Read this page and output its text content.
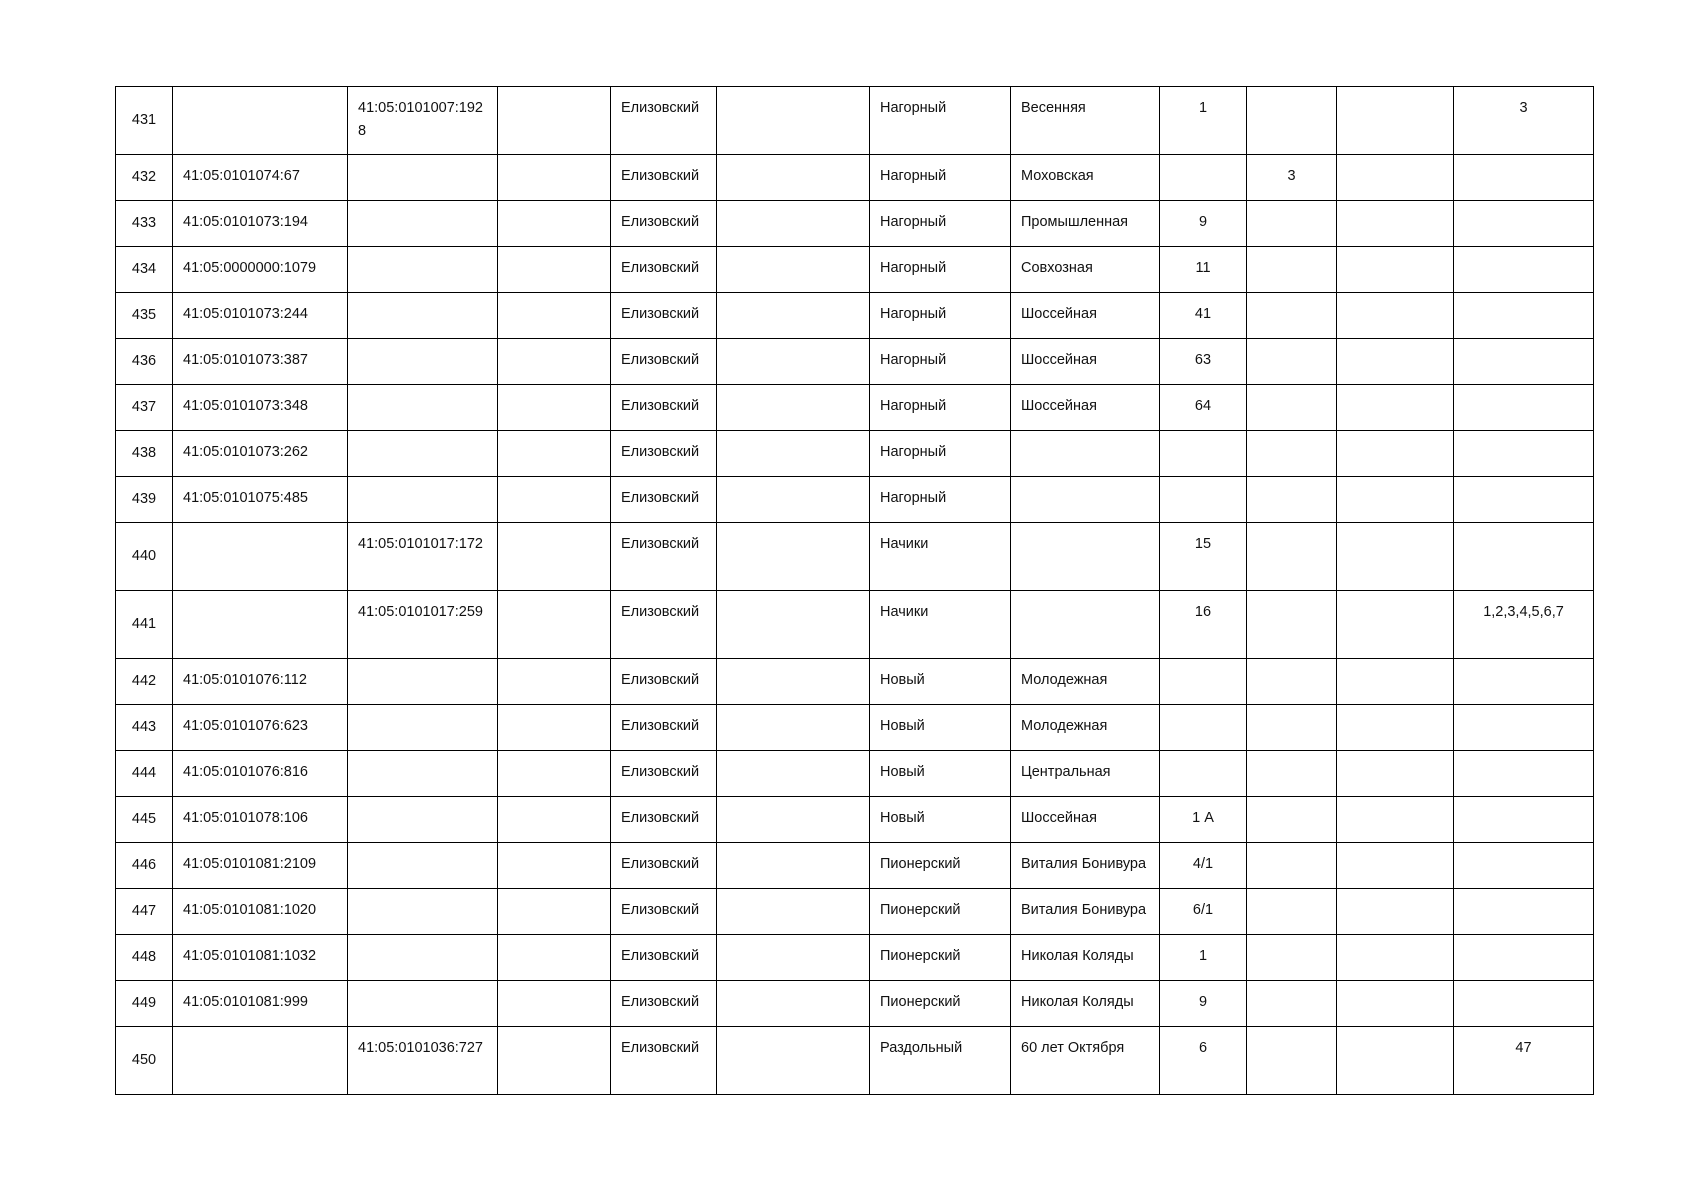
431		41:05:0101007:1928		Елизовский		Нагорный	Весенняя	1			3
432	41:05:0101074:67			Елизовский		Нагорный	Моховская		3		
433	41:05:0101073:194			Елизовский		Нагорный	Промышленная	9			
434	41:05:0000000:1079			Елизовский		Нагорный	Совхозная	11			
435	41:05:0101073:244			Елизовский		Нагорный	Шоссейная	41			
436	41:05:0101073:387			Елизовский		Нагорный	Шоссейная	63			
437	41:05:0101073:348			Елизовский		Нагорный	Шоссейная	64			
438	41:05:0101073:262			Елизовский		Нагорный					
439	41:05:0101075:485			Елизовский		Нагорный					
440		41:05:0101017:172		Елизовский		Начики		15			
441		41:05:0101017:259		Елизовский		Начики		16			1,2,3,4,5,6,7
442	41:05:0101076:112			Елизовский		Новый	Молодежная				
443	41:05:0101076:623			Елизовский		Новый	Молодежная				
444	41:05:0101076:816			Елизовский		Новый	Центральная				
445	41:05:0101078:106			Елизовский		Новый	Шоссейная	1 А			
446	41:05:0101081:2109			Елизовский		Пионерский	Виталия Бонивура	4/1			
447	41:05:0101081:1020			Елизовский		Пионерский	Виталия Бонивура	6/1			
448	41:05:0101081:1032			Елизовский		Пионерский	Николая Коляды	1			
449	41:05:0101081:999			Елизовский		Пионерский	Николая Коляды	9			
450		41:05:0101036:727		Елизовский		Раздольный	60 лет Октября	6			47
